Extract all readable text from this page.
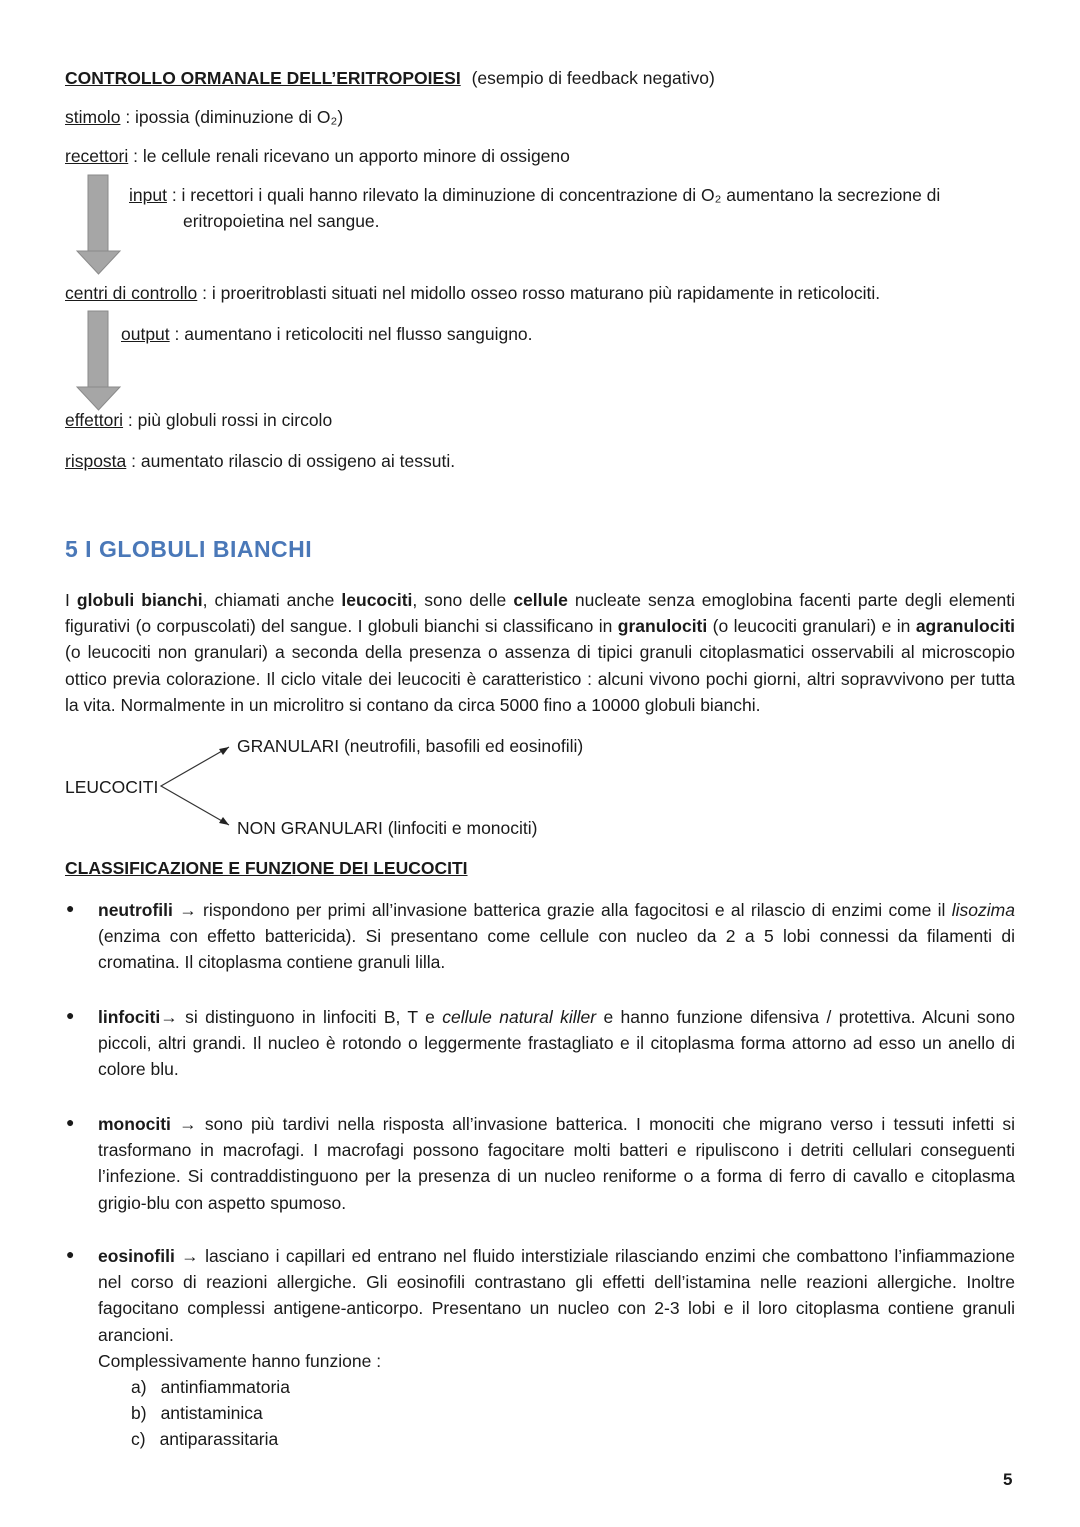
CONTROLLO ORMANALE DELL’ERITROPOIESI (esempio di feedback negativo)
stimolo : ipossia (diminuzione di O₂)
recettori : le cellule renali ricevano un apporto minore di ossigeno
input : i recettori i quali hanno rilevato la diminuzione di concentrazione di O₂ aumentano la secrezione di
eritropoietina nel sangue.
centri di controllo : i proeritroblasti situati nel midollo osseo rosso maturano più rapidamente in reticolociti.
output : aumentano i reticolociti nel flusso sanguigno.
effettori : più globuli rossi in circolo
risposta : aumentato rilascio di ossigeno ai tessuti.
5 I GLOBULI BIANCHI
I globuli bianchi, chiamati anche leucociti, sono delle cellule nucleate senza emoglobina facenti parte degli elementi figurativi (o corpuscolati) del sangue. I globuli bianchi si classificano in granulociti (o leucociti granulari) e in agranulociti (o leucociti non granulari) a seconda della presenza o assenza di tipici granuli citoplasmatici osservabili al microscopio ottico previa colorazione. Il ciclo vitale dei leucociti è caratteristico : alcuni vivono pochi giorni, altri sopravvivono per tutta la vita. Normalmente in un microlitro si contano da circa 5000 fino a 10000 globuli bianchi.
LEUCOCITI
GRANULARI (neutrofili, basofili ed eosinofili)
NON GRANULARI (linfociti e monociti)
CLASSIFICAZIONE E FUNZIONE DEI LEUCOCITI
● neutrofili → rispondono per primi all’invasione batterica grazie alla fagocitosi e al rilascio di enzimi come il lisozima (enzima con effetto battericida). Si presentano come cellule con nucleo da 2 a 5 lobi connessi da filamenti di cromatina. Il citoplasma contiene granuli lilla.
● linfociti→ si distinguono in linfociti B, T e cellule natural killer e hanno funzione difensiva / protettiva. Alcuni sono piccoli, altri grandi. Il nucleo è rotondo o leggermente frastagliato e il citoplasma forma attorno ad esso un anello di colore blu.
● monociti → sono più tardivi nella risposta all’invasione batterica. I monociti che migrano verso i tessuti infetti si trasformano in macrofagi. I macrofagi possono fagocitare molti batteri e ripuliscono i detriti cellulari conseguenti l’infezione. Si contraddistinguono per la presenza di un nucleo reniforme o a forma di ferro di cavallo e citoplasma grigio-blu con aspetto spumoso.
● eosinofili → lasciano i capillari ed entrano nel fluido interstiziale rilasciando enzimi che combattono l’infiammazione nel corso di reazioni allergiche. Gli eosinofili contrastano gli effetti dell’istamina nelle reazioni allergiche. Inoltre fagocitano complessi antigene-anticorpo. Presentano un nucleo con 2-3 lobi e il loro citoplasma contiene granuli arancioni.
Complessivamente hanno funzione :
a) antinfiammatoria
b) antistaminica
c) antiparassitaria
5
